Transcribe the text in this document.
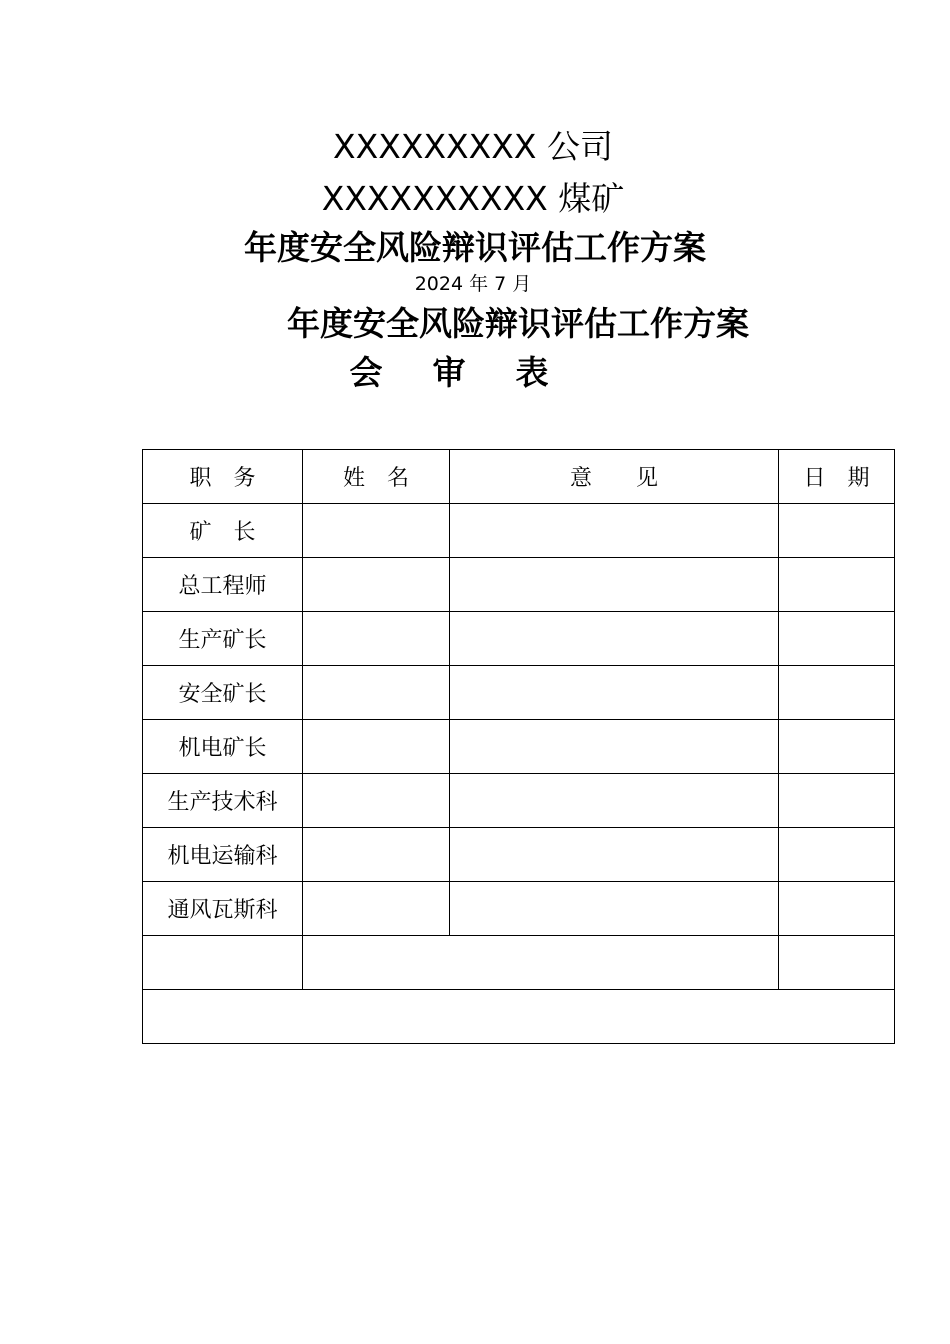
XXXXXXXXX 公司
XXXXXXXXXX 煤矿
年度安全风险辩识评估工作方案
2024 年 7 月
年度安全风险辩识评估工作方案
会审表
职　务	姓　名	意　　见	日　期
矿　长			
总工程师			
生产矿长			
安全矿长			
机电矿长			
生产技术科			
机电运输科			
通风瓦斯科			
